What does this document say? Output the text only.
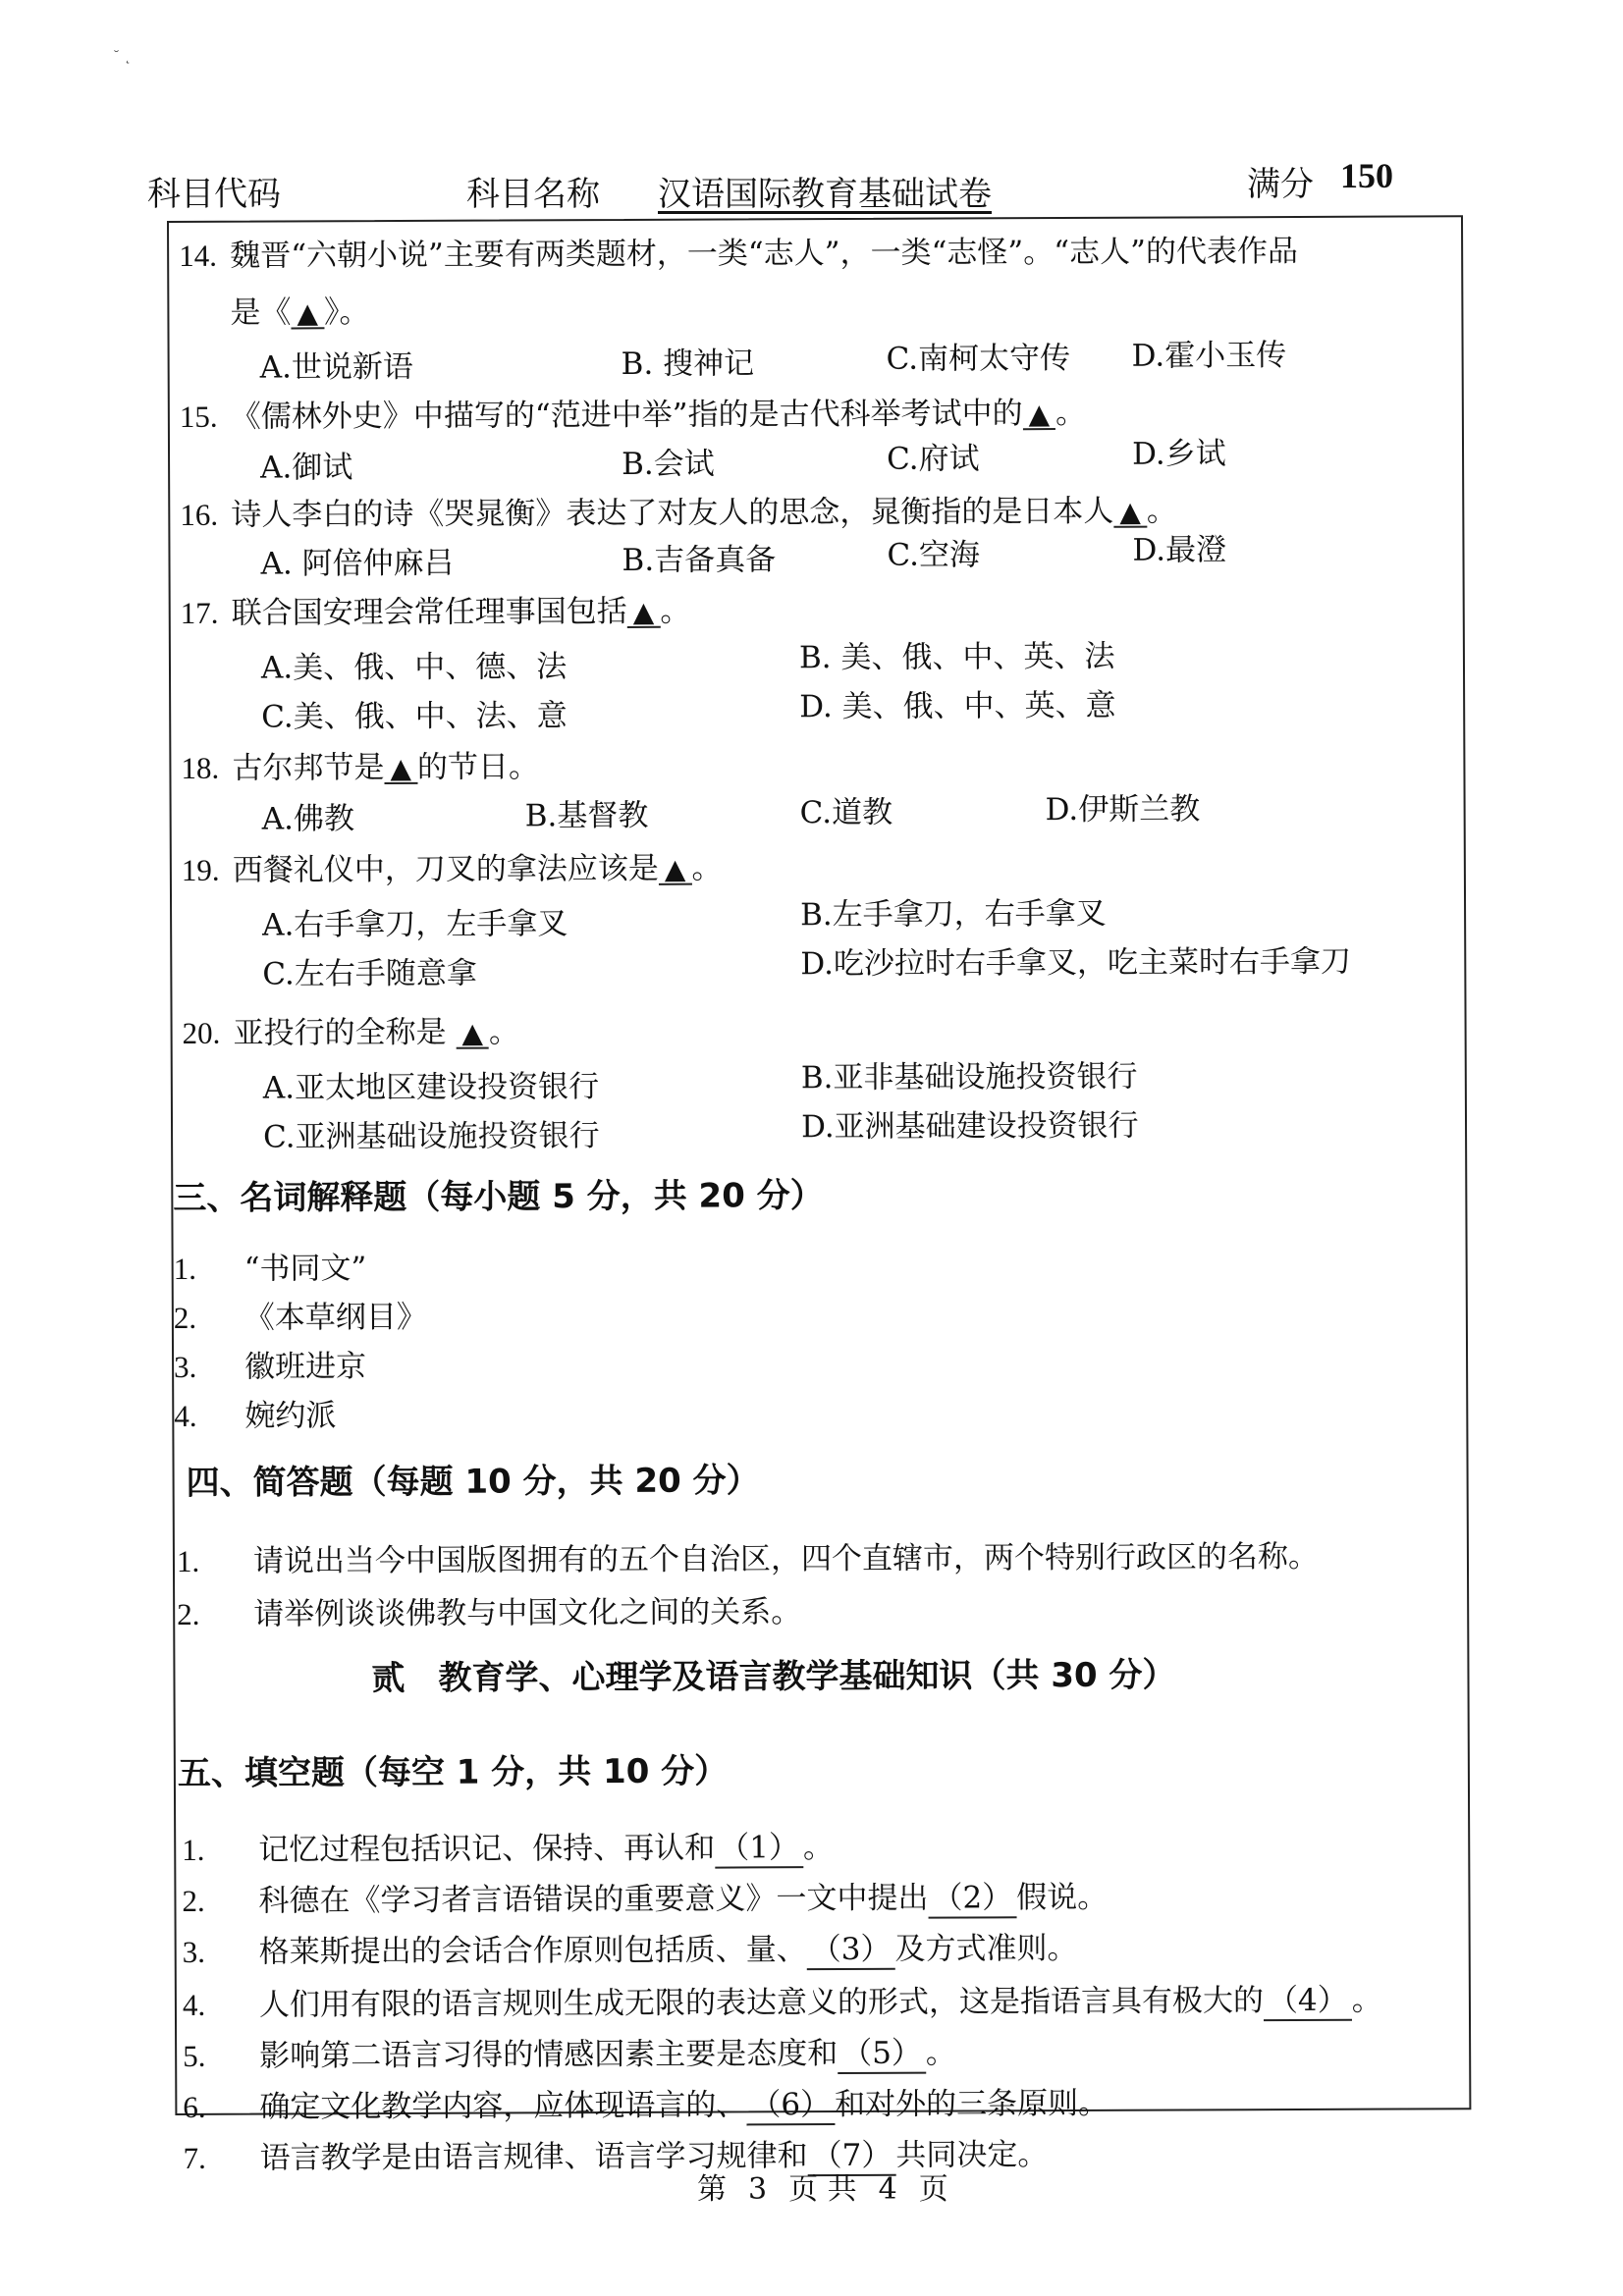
˘ ˛
科目代码	科目名称 汉语国际教育基础试卷	满分 150
14. 魏晋“六朝小说”主要有两类题材，一类“志人”，一类“志怪”。“志人”的代表作品
是《 ▲ 》。
A.世说新语	B. 搜神记	C.南柯太守传 D.霍小玉传
15. 《儒林外史》中描写的“范进中举”指的是古代科举考试中的 ▲ 。
A.御试	B.会试	C.府试	D.乡试
16. 诗人李白的诗《哭晁衡》表达了对友人的思念，晁衡指的是日本人 ▲ 。
A. 阿倍仲麻吕	B.吉备真备	C.空海	D.最澄
17. 联合国安理会常任理事国包括 ▲ 。
A.美、俄、中、德、法	B. 美、俄、中、英、法
C.美、俄、中、法、意	D. 美、俄、中、英、意
18. 古尔邦节是 ▲ 的节日。
A.佛教	B.基督教	C.道教	D.伊斯兰教
19. 西餐礼仪中，刀叉的拿法应该是 ▲ 。
A.右手拿刀，左手拿叉	B.左手拿刀，右手拿叉
C.左右手随意拿	D.吃沙拉时右手拿叉，吃主菜时右手拿刀
20. 亚投行的全称是 ▲ 。
A.亚太地区建设投资银行	B.亚非基础设施投资银行
C.亚洲基础设施投资银行	D.亚洲基础建设投资银行
三、名词解释题（每小题 5 分，共 20 分）
1. “书同文”
2. 《本草纲目》
3. 徽班进京
4. 婉约派
四、简答题（每题 10 分，共 20 分）
1. 请说出当今中国版图拥有的五个自治区，四个直辖市，两个特别行政区的名称。
2. 请举例谈谈佛教与中国文化之间的关系。
贰　教育学、心理学及语言教学基础知识（共 30 分）
五、填空题（每空 1 分，共 10 分）
1. 记忆过程包括识记、保持、再认和 （1） 。
2. 科德在《学习者言语错误的重要意义》一文中提出 （2） 假说。
3. 格莱斯提出的会话合作原则包括质、量、 （3） 及方式准则。
4. 人们用有限的语言规则生成无限的表达意义的形式，这是指语言具有极大的 （4） 。
5. 影响第二语言习得的情感因素主要是态度和 （5） 。
6. 确定文化教学内容，应体现语言的、 （6） 和对外的三条原则。
7. 语言教学是由语言规律、语言学习规律和 （7） 共同决定。
第 3 页 共 4 页
